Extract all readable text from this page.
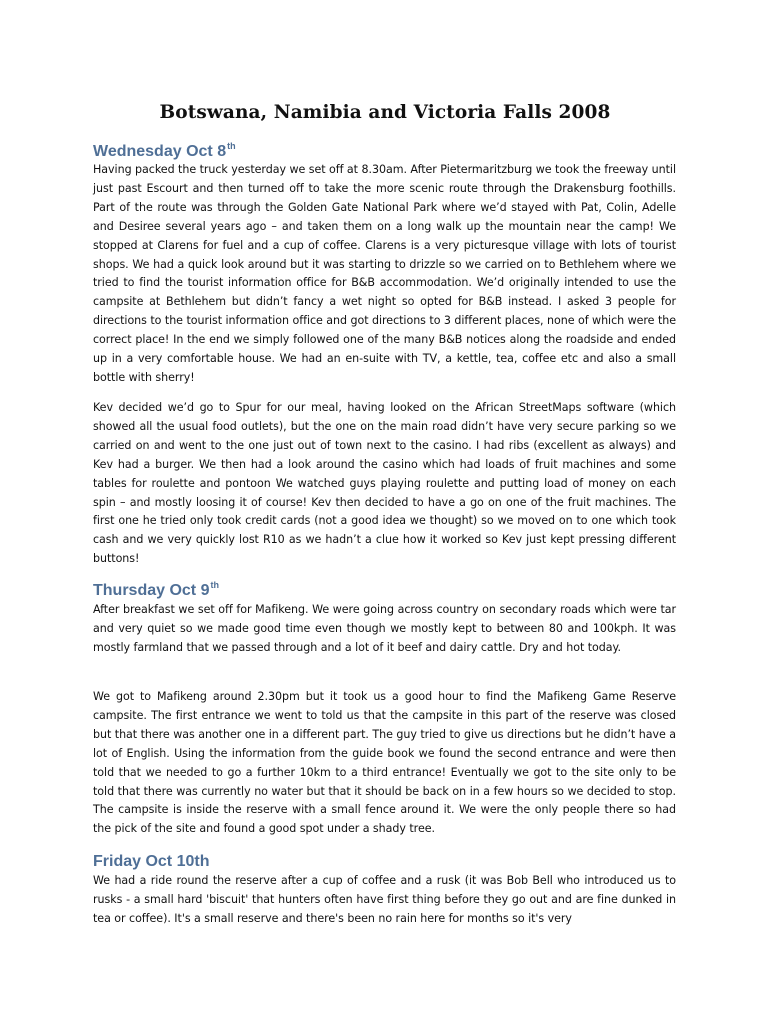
Botswana, Namibia and Victoria Falls 2008
Wednesday Oct 8th

Having packed the truck yesterday we set off at 8.30am. After Pietermaritzburg we took the freeway until just past Escourt and then turned off to take the more scenic route through the Drakensburg foothills. Part of the route was through the Golden Gate National Park where we’d stayed with Pat, Colin, Adelle and Desiree several years ago – and taken them on a long walk up the mountain near the camp! We stopped at Clarens for fuel and a cup of coffee. Clarens is a very picturesque village with lots of tourist shops. We had a quick look around but it was starting to drizzle so we carried on to Bethlehem where we tried to find the tourist information office for B&B accommodation. We’d originally intended to use the campsite at Bethlehem but didn’t fancy a wet night so opted for B&B instead. I asked 3 people for directions to the tourist information office and got directions to 3 different places, none of which were the correct place! In the end we simply followed one of the many B&B notices along the roadside and ended up in a very comfortable house. We had an en-suite with TV, a kettle, tea, coffee etc and also a small bottle with sherry!

Kev decided we’d go to Spur for our meal, having looked on the African StreetMaps software (which showed all the usual food outlets), but the one on the main road didn’t have very secure parking so we carried on and went to the one just out of town next to the casino. I had ribs (excellent as always) and Kev had a burger. We then had a look around the casino which had loads of fruit machines and some tables for roulette and pontoon We watched guys playing roulette and putting load of money on each spin – and mostly loosing it of course! Kev then decided to have a go on one of the fruit machines. The first one he tried only took credit cards (not a good idea we thought) so we moved on to one which took cash and we very quickly lost R10 as we hadn’t a clue how it worked so Kev just kept pressing different buttons!

Thursday Oct 9th

After breakfast we set off for Mafikeng. We were going across country on secondary roads which were tar and very quiet so we made good time even though we mostly kept to between 80 and 100kph. It was mostly farmland that we passed through and a lot of it beef and dairy cattle. Dry and hot today.

We got to Mafikeng around 2.30pm but it took us a good hour to find the Mafikeng Game Reserve campsite. The first entrance we went to told us that the campsite in this part of the reserve was closed but that there was another one in a different part. The guy tried to give us directions but he didn’t have a lot of English. Using the information from the guide book we found the second entrance and were then told that we needed to go a further 10km to a third entrance! Eventually we got to the site only to be told that there was currently no water but that it should be back on in a few hours so we decided to stop. The campsite is inside the reserve with a small fence around it. We were the only people there so had the pick of the site and found a good spot under a shady tree.

Friday Oct 10th

We had a ride round the reserve after a cup of coffee and a rusk (it was Bob Bell who introduced us to rusks - a small hard 'biscuit' that hunters often have first thing before they go out and are fine dunked in tea or coffee). It's a small reserve and there's been no rain here for months so it's very
